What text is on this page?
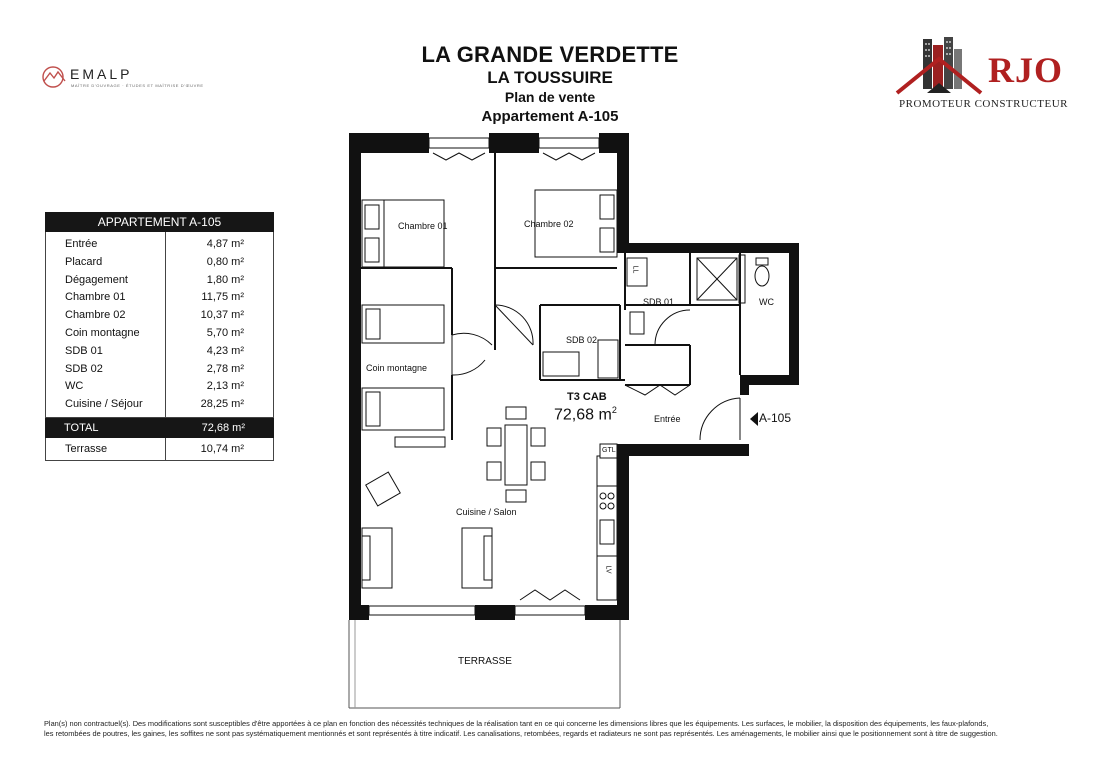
LA GRANDE VERDETTE
LA TOUSSUIRE
Plan de vente
Appartement A-105
EMALP
MAÎTRE D'OUVRAGE · ÉTUDES ET MAÎTRISE D'ŒUVRE	RJO
PROMOTEUR CONSTRUCTEUR
APPARTEMENT A-105
Entrée	4,87 m²
Placard	0,80 m²
Dégagement	1,80 m²
Chambre 01	11,75 m²
Chambre 02	10,37 m²
Coin montagne	5,70 m²
SDB 01	4,23 m²
SDB 02	2,78 m²
WC	2,13 m²
Cuisine / Séjour	28,25 m²
TOTAL	72,68 m²
Terrasse	10,74 m²
Chambre 01	Chambre 02
SDB 01
SDB 02
WC
Coin montagne
Cuisine / Salon
Entrée
TERRASSE
T3 CAB
72,68 $m^2$
A-105
LL
GTL
LV
Plan(s) non contractuel(s). Des modifications sont susceptibles d'être apportées à ce plan en fonction des nécessités techniques de la réalisation tant en ce qui concerne les dimensions libres que les équipements. Les surfaces, le mobilier, la disposition des équipements, les faux-plafonds,
les retombées de poutres, les gaines, les soffites ne sont pas systématiquement mentionnés et sont représentés à titre indicatif. Les canalisations, retombées, regards et radiateurs ne sont pas représentés. Les aménagements, le mobilier ainsi que le positionnement sont à titre de suggestion.
